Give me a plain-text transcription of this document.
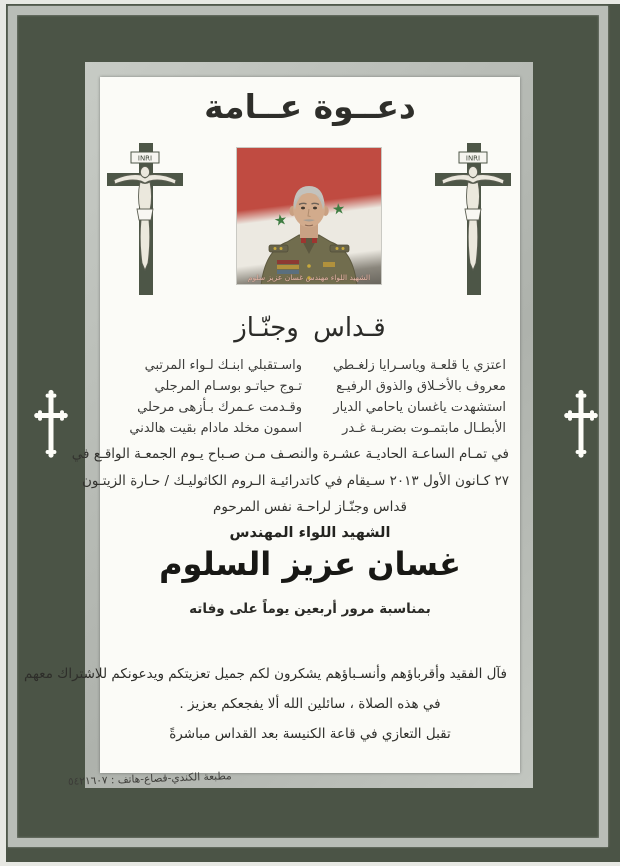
دعــوة عــامة
INRI
★
★
الشهيد اللواء مهندس غسان عزيز سلوم
INRI
قـداس وجنّـاز
اعتزي يا قلعـة وياسـرايا زلغـطي
معروف بالأخـلاق والذوق الرفيـع
استشهدت ياغسان ياحامي الديار
الأبطـال مابتمـوت بضربـة غـدر
واسـتقبلي ابنـك لـواء المرتبي
تـوج حياتـو بوسـام المرجلي
وقـدمت عـمرك بـأزهى مرحلي
اسمون مخلد مادام بقيت هالدني
في تمـام الساعـة الحاديـة عشـرة والنصـف مـن صـباح يـوم الجمعـة الواقـع في
٢٧ كـانون الأول ٢٠١٣ سـيقام في كاتدرائيـة الـروم الكاثوليـك / حـارة الزيتـون
قداس وجنّـاز لراحـة نفس المرحوم
الشهيد اللواء المهندس
غسان عزيز السلوم
بمناسبة مرور أربعين يوماً على وفاته
فآل الفقيد وأقرباؤهم وأنسـباؤهم يشكرون لكم جميل تعزيتكم ويدعونكم للاشتراك معهم
في هذه الصلاة ، سائلين الله ألا يفجعكم بعزيز .
تقبل التعازي في قاعة الكنيسة بعد القداس مباشرةً
مطبعة الكندي-قصاع-هاتف : ٥٤٢١٦٠٧
